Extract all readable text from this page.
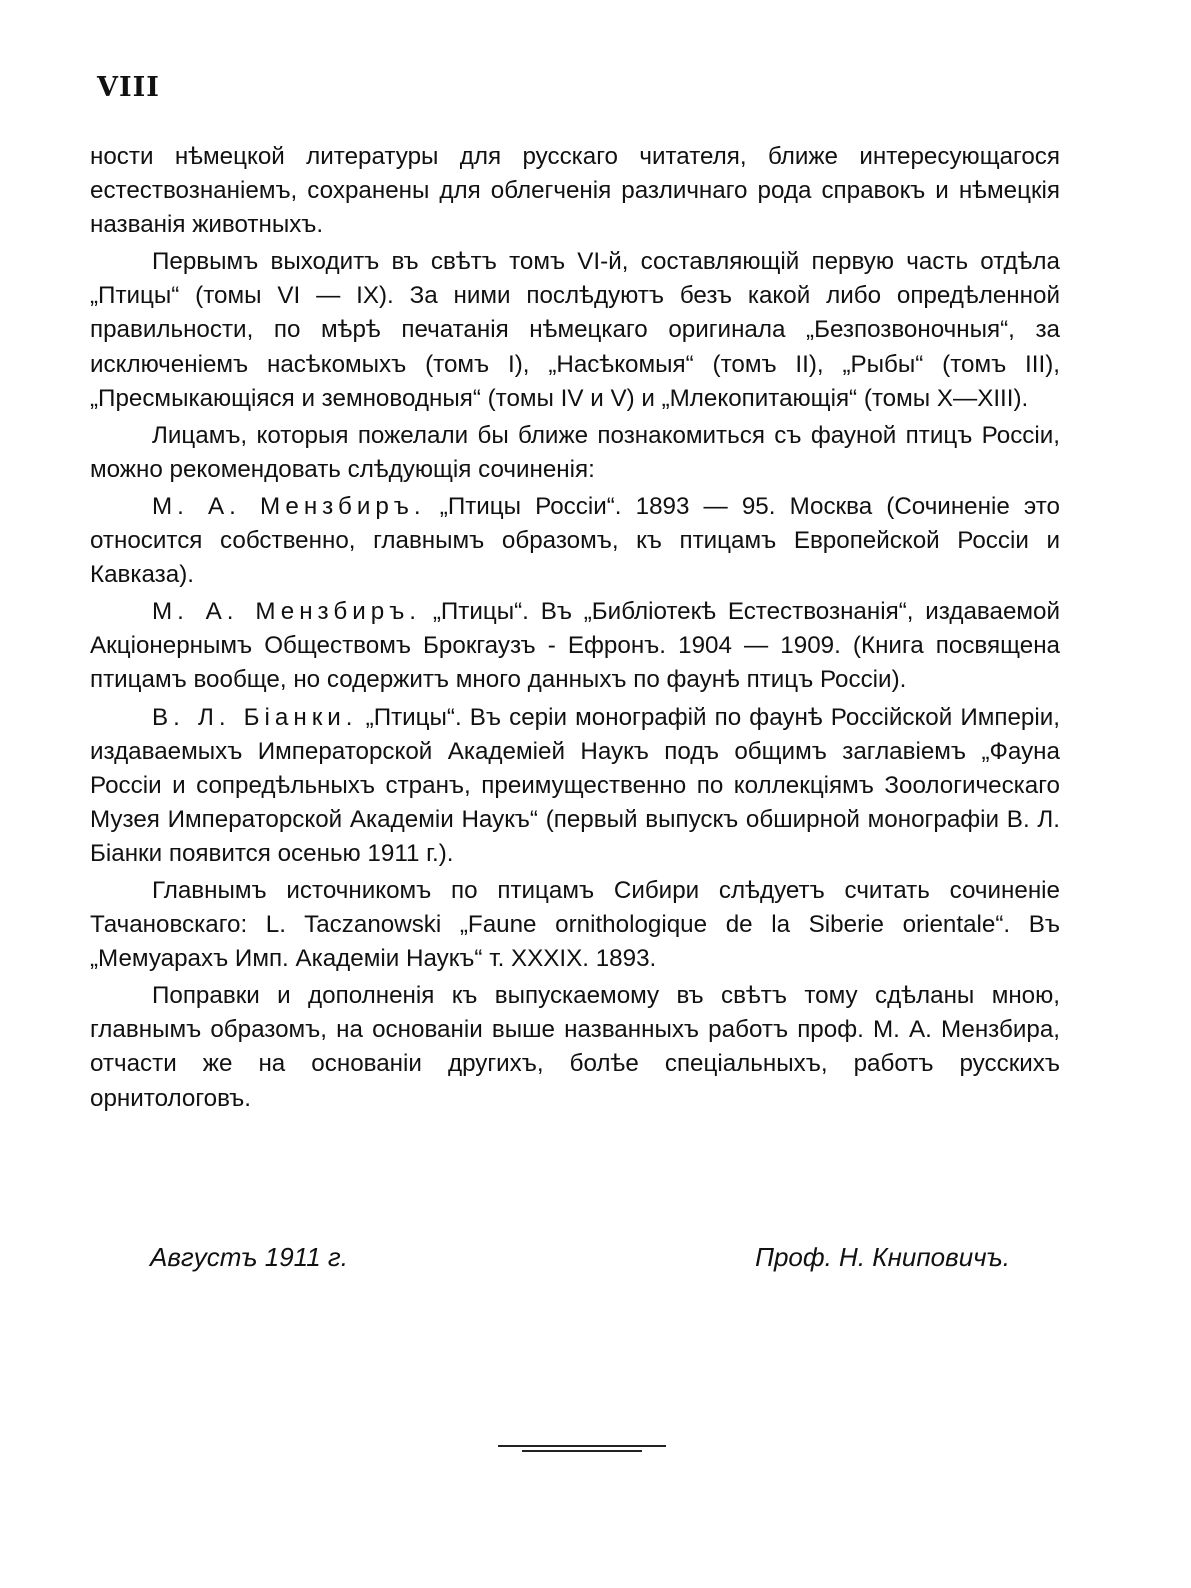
VIII

ности нѣмецкой литературы для русскаго читателя, ближе интересующагося естествознаніемъ, сохранены для облегченія различнаго рода справокъ и нѣмецкія названія животныхъ.

Первымъ выходитъ въ свѣтъ томъ VI-й, составляющій первую часть отдѣла „Птицы“ (томы VI — IX). За ними послѣдуютъ безъ какой либо опредѣленной правильности, по мѣрѣ печатанія нѣмецкаго оригинала „Безпозвоночныя“, за исключеніемъ насѣкомыхъ (томъ I), „Насѣкомыя“ (томъ II), „Рыбы“ (томъ III), „Пресмыкающіяся и земноводныя“ (томы IV и V) и „Млекопитающія“ (томы X—XIII).

Лицамъ, которыя пожелали бы ближе познакомиться съ фауной птицъ Россіи, можно рекомендовать слѣдующія сочиненія:

М. А. Мензбиръ. „Птицы Россіи“. 1893 — 95. Москва (Сочиненіе это относится собственно, главнымъ образомъ, къ птицамъ Европейской Россіи и Кавказа).

М. А. Мензбиръ. „Птицы“. Въ „Библіотекѣ Естествознанія“, издаваемой Акціонернымъ Обществомъ Брокгаузъ - Ефронъ. 1904 — 1909. (Книга посвящена птицамъ вообще, но содержитъ много данныхъ по фаунѣ птицъ Россіи).

В. Л. Біанки. „Птицы“. Въ серіи монографій по фаунѣ Россійской Имперіи, издаваемыхъ Императорской Академіей Наукъ подъ общимъ заглавіемъ „Фауна Россіи и сопредѣльныхъ странъ, преимущественно по коллекціямъ Зоологическаго Музея Императорской Академіи Наукъ“ (первый выпускъ обширной монографіи В. Л. Біанки появится осенью 1911 г.).

Главнымъ источникомъ по птицамъ Сибири слѣдуетъ считать сочиненіе Тачановскаго: L. Taczanowski „Faune ornithologique de la Siberie orientale“. Въ „Мемуарахъ Имп. Академіи Наукъ“ т. XXXIX. 1893.

Поправки и дополненія къ выпускаемому въ свѣтъ тому сдѣланы мною, главнымъ образомъ, на основаніи выше названныхъ работъ проф. М. А. Мензбира, отчасти же на основаніи другихъ, болѣе спеціальныхъ, работъ русскихъ орнитологовъ.

Августъ 1911 г.	Проф. Н. Книповичъ.
